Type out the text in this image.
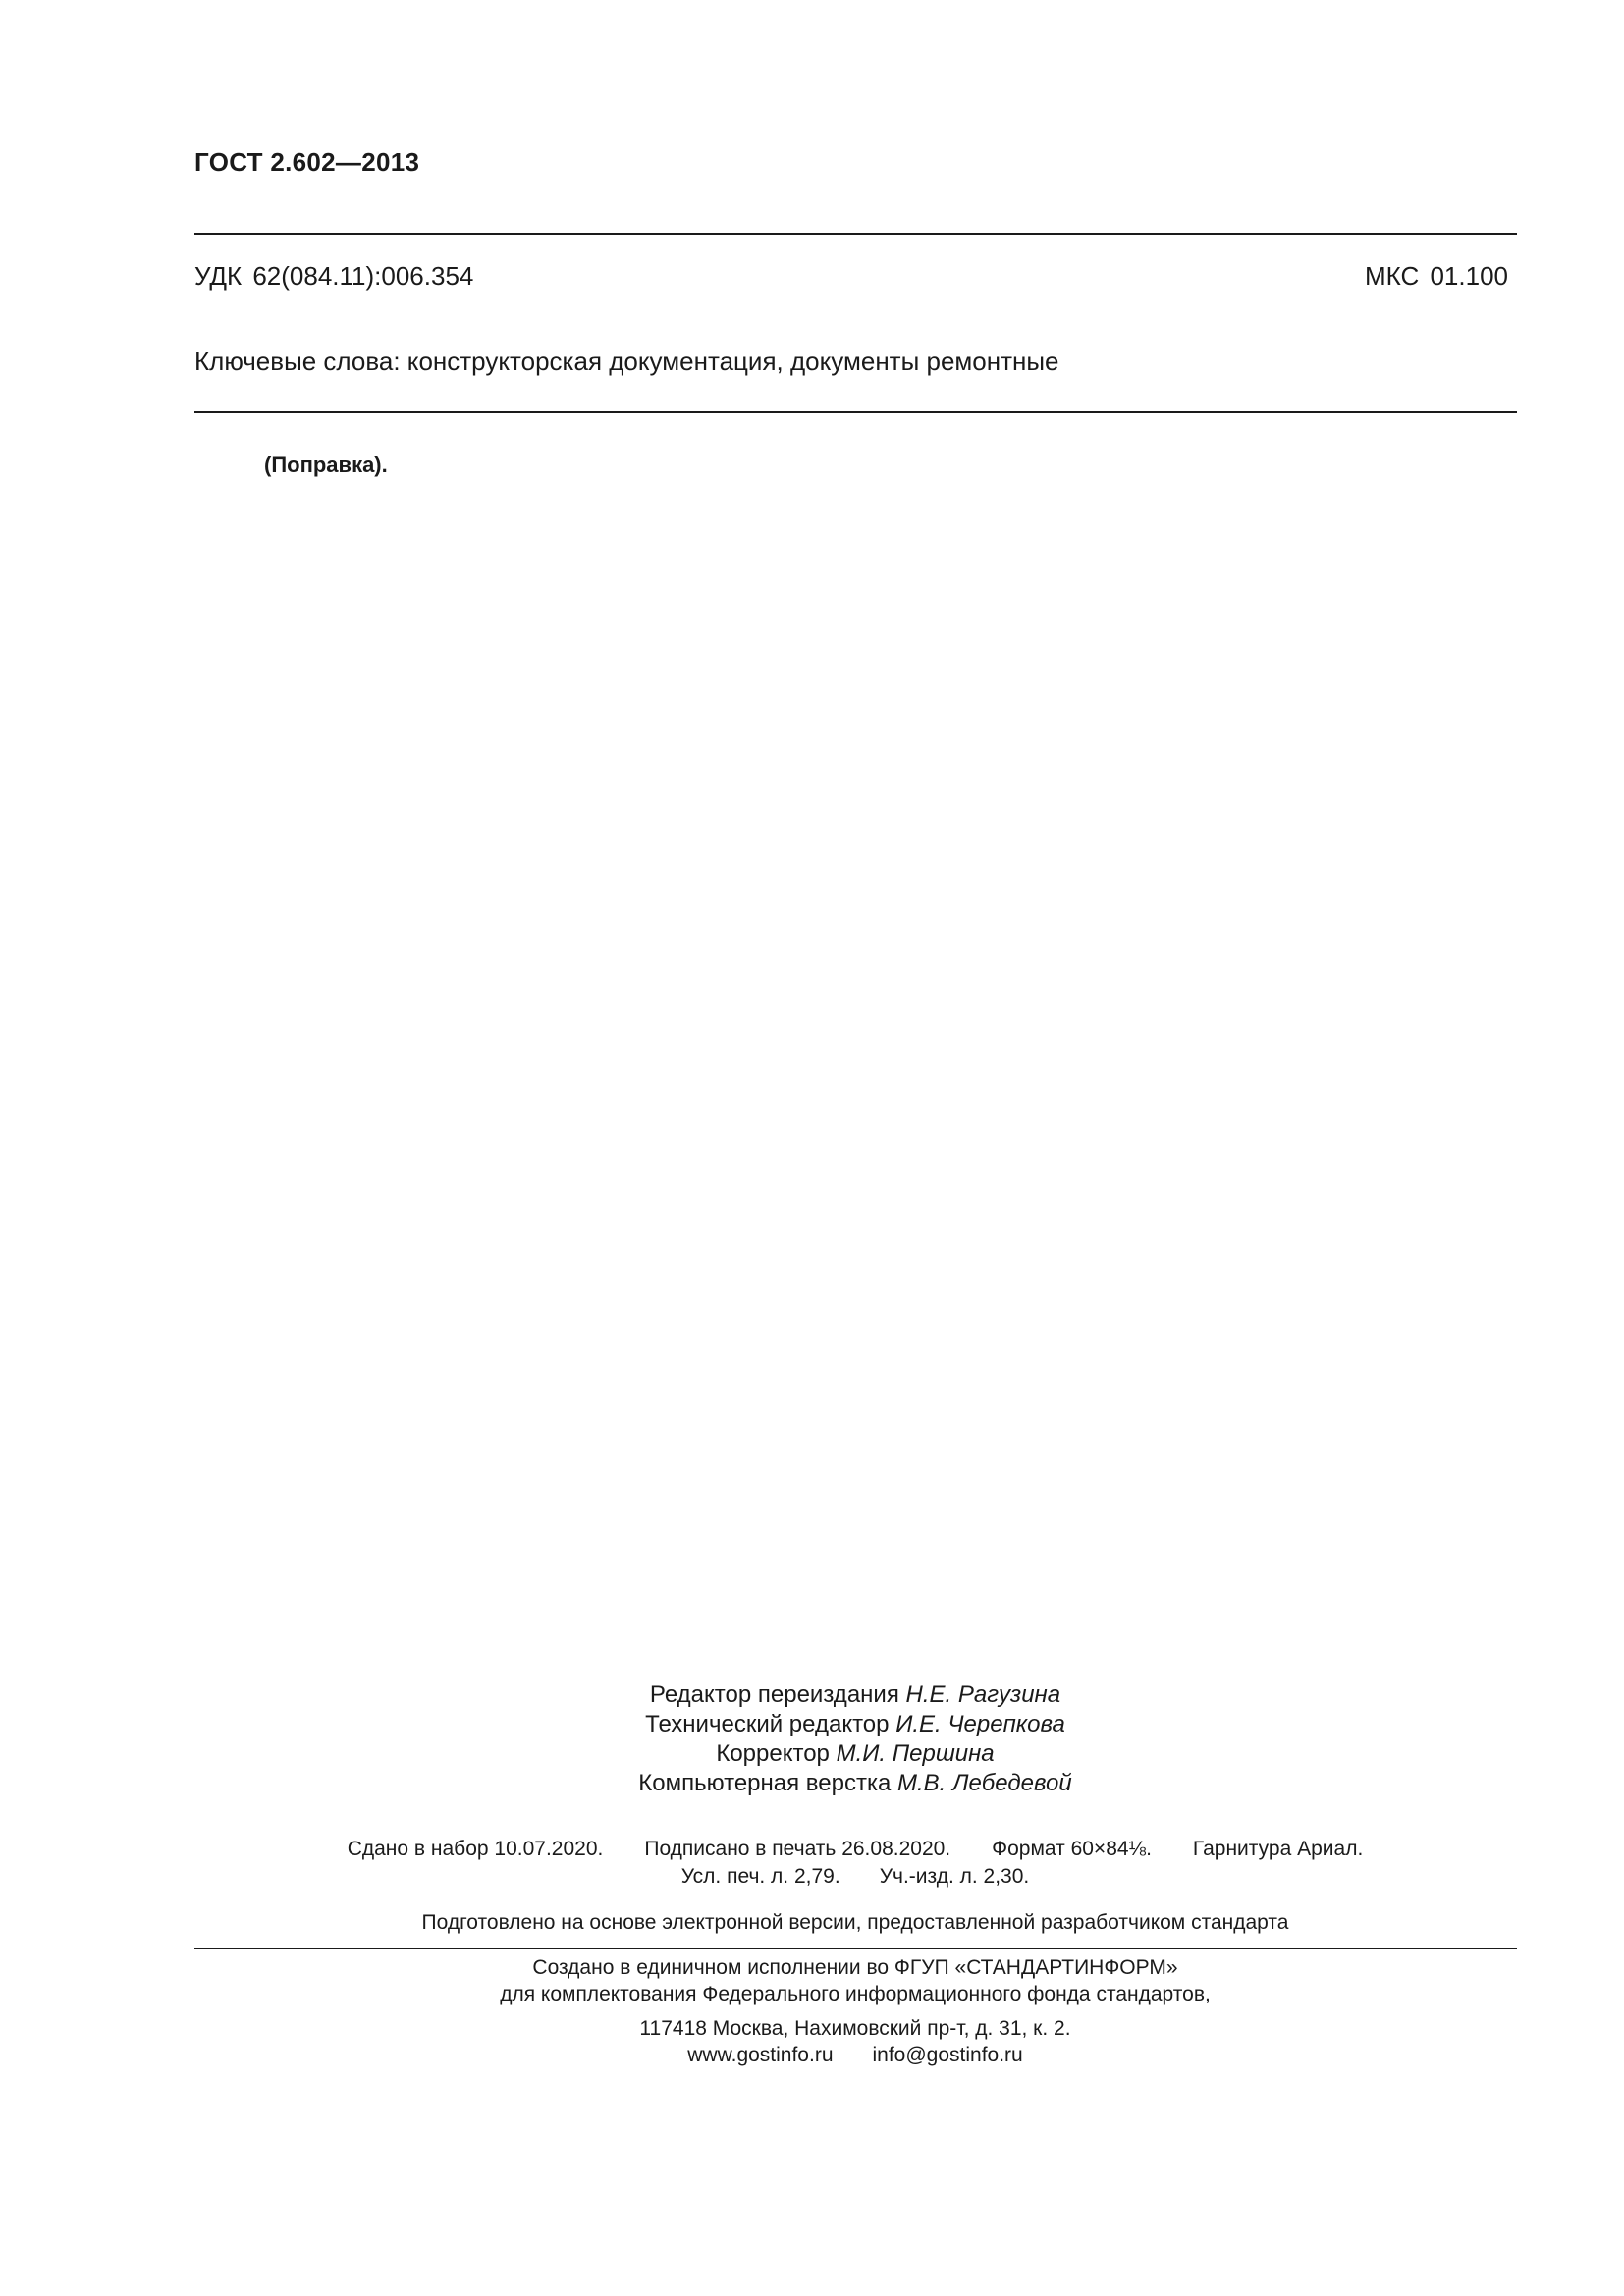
ГОСТ 2.602—2013
УДК 62(084.11):006.354	МКС 01.100
Ключевые слова: конструкторская документация, документы ремонтные
(Поправка).
Редактор переиздания Н.Е. Рагузина
Технический редактор И.Е. Черепкова
Корректор М.И. Першина
Компьютерная верстка М.В. Лебедевой
Сдано в набор 10.07.2020. Подписано в печать 26.08.2020. Формат 60×84⅛. Гарнитура Ариал.
Усл. печ. л. 2,79. Уч.-изд. л. 2,30.
Подготовлено на основе электронной версии, предоставленной разработчиком стандарта
Создано в единичном исполнении во ФГУП «СТАНДАРТИНФОРМ»
для комплектования Федерального информационного фонда стандартов,
117418 Москва, Нахимовский пр-т, д. 31, к. 2.
www.gostinfo.ru info@gostinfo.ru
